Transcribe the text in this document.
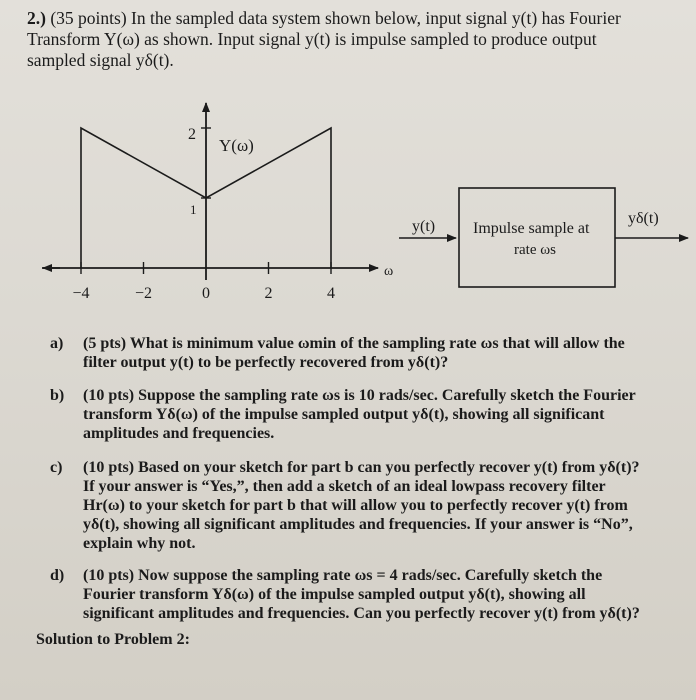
2.) (35 points) In the sampled data system shown below, input signal y(t) has Fourier
Transform Y(ω) as shown. Input signal y(t) is impulse sampled to produce output
sampled signal yδ(t).
−4	−2	0	2	4
2
1
Y(ω)
ω
y(t) Impulse sample at
rate ωs
yδ(t)
a) (5 pts) What is minimum value ωmin of the sampling rate ωs that will allow the
filter output y(t) to be perfectly recovered from yδ(t)?
b) (10 pts) Suppose the sampling rate ωs is 10 rads/sec. Carefully sketch the Fourier
transform Yδ(ω) of the impulse sampled output yδ(t), showing all significant
amplitudes and frequencies.
c) (10 pts) Based on your sketch for part b can you perfectly recover y(t) from yδ(t)?
If your answer is “Yes,”, then add a sketch of an ideal lowpass recovery filter
Hr(ω) to your sketch for part b that will allow you to perfectly recover y(t) from
yδ(t), showing all significant amplitudes and frequencies. If your answer is “No”,
explain why not.
d) (10 pts) Now suppose the sampling rate ωs = 4 rads/sec. Carefully sketch the
Fourier transform Yδ(ω) of the impulse sampled output yδ(t), showing all
significant amplitudes and frequencies. Can you perfectly recover y(t) from yδ(t)?
Solution to Problem 2:
